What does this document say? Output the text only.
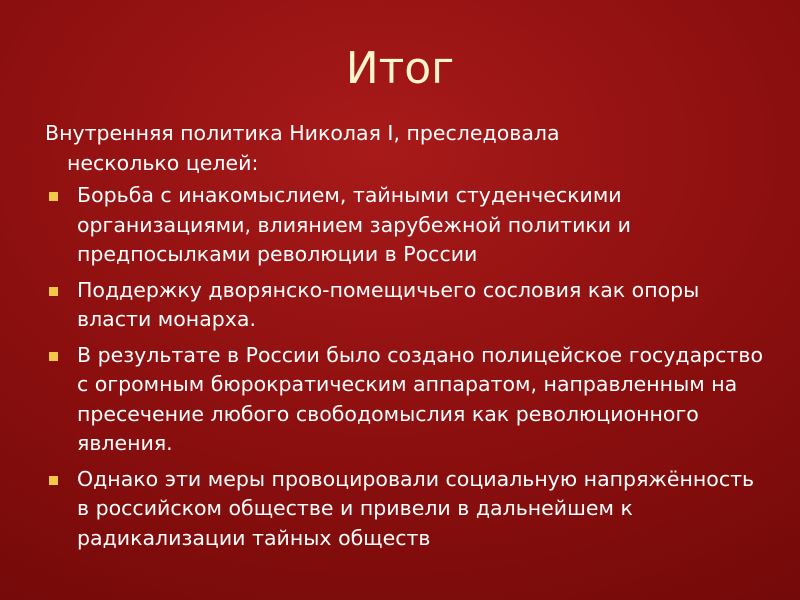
Итог
Внутренняя политика Николая I, преследовала
несколько целей:
Борьба с инакомыслием, тайными студенческими организациями, влиянием зарубежной политики и предпосылками революции в России
Поддержку дворянско-помещичьего сословия как опоры власти монарха.
В результате в России было создано полицейское государство с огромным бюрократическим аппаратом, направленным на пресечение любого свободомыслия как революционного явления.
Однако эти меры провоцировали социальную напряжённость в российском обществе и привели в дальнейшем к радикализации тайных обществ
